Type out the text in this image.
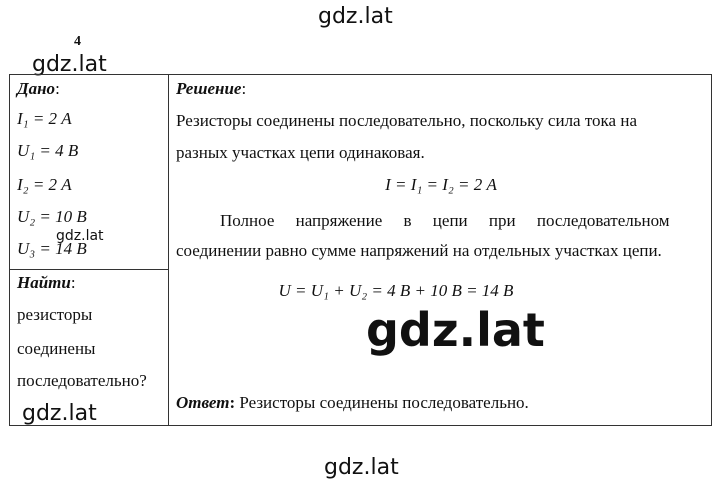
gdz.lat
4
gdz.lat
Дано:
I₁ = 2 А
U₁ = 4 В
I₂ = 2 А
U₂ = 10 В
U₃ = 14 В
Найти:
резисторы
соединены
последовательно?
Решение:
Резисторы соединены последовательно, поскольку сила тока на
разных участках цепи одинаковая.
I = I₁ = I₂ = 2 А
Полное напряжение в цепи при последовательном
соединении равно сумме напряжений на отдельных участках цепи.
U = U₁ + U₂ = 4 В + 10 В = 14 В
Ответ: Резисторы соединены последовательно.
gdz.lat
gdz.lat
gdz.lat
gdz.lat
